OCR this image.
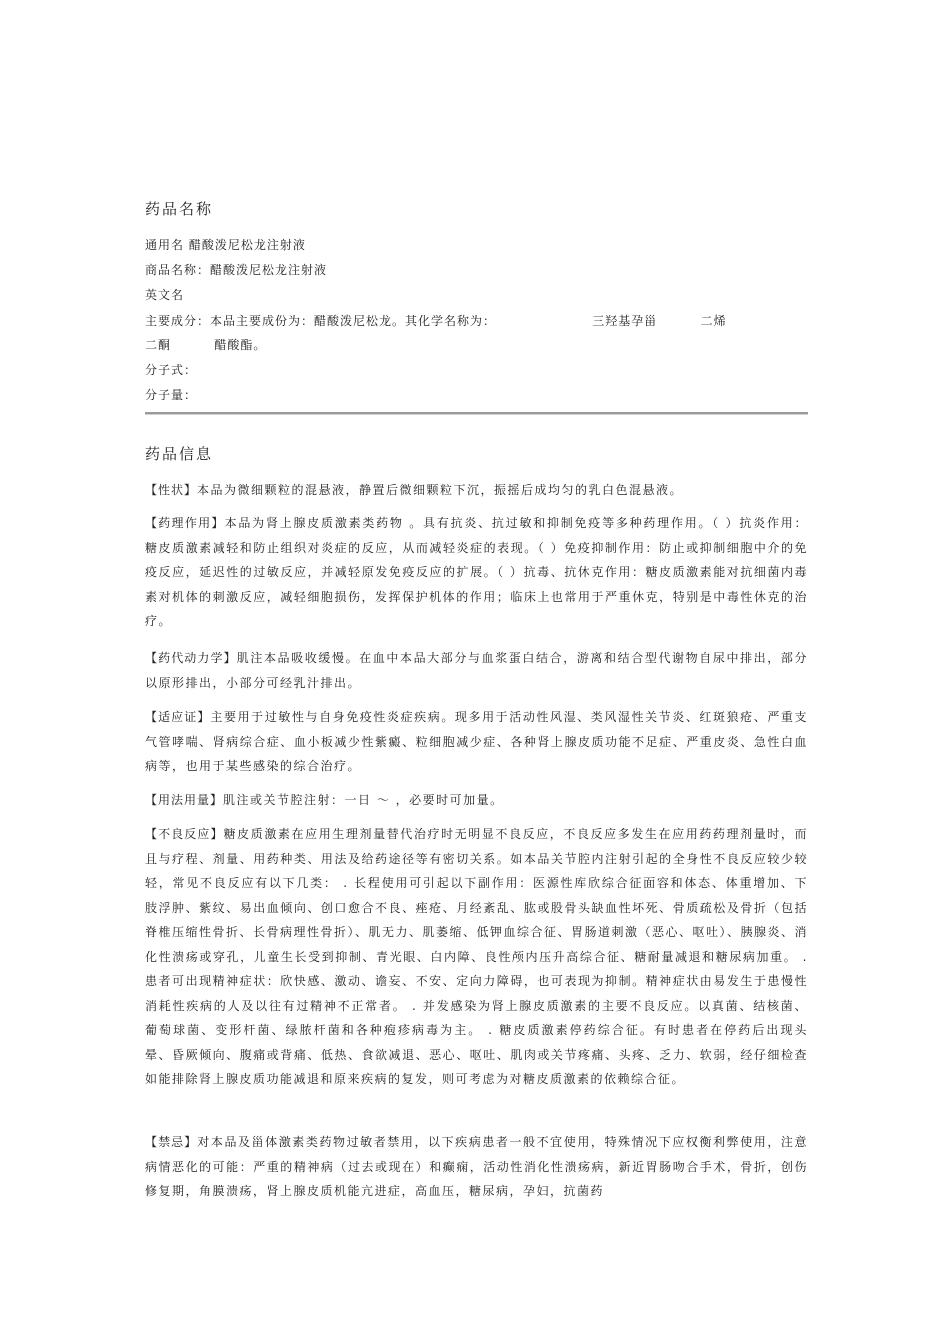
药品名称
通用名 醋酸泼尼松龙注射液
商品名称：醋酸泼尼松龙注射液
英文名
主要成分：本品主要成份为：醋酸泼尼松龙。其化学名称为：                    三羟基孕甾         二烯
二酮         醋酸酯。
分子式：
分子量：
药品信息
【性状】本品为微细颗粒的混悬液，静置后微细颗粒下沉，振摇后成均匀的乳白色混悬液。
【药理作用】本品为肾上腺皮质激素类药物 。具有抗炎、抗过敏和抑制免疫等多种药理作用。（ ）抗炎作用：糖皮质激素减轻和防止组织对炎症的反应，从而减轻炎症的表现。（ ）免疫抑制作用：防止或抑制细胞中介的免疫反应，延迟性的过敏反应，并减轻原发免疫反应的扩展。（ ）抗毒、抗休克作用：糖皮质激素能对抗细菌内毒素对机体的刺激反应，减轻细胞损伤，发挥保护机体的作用；临床上也常用于严重休克，特别是中毒性休克的治疗。
【药代动力学】肌注本品吸收缓慢。在血中本品大部分与血浆蛋白结合，游离和结合型代谢物自尿中排出，部分以原形排出，小部分可经乳汁排出。
【适应证】主要用于过敏性与自身免疫性炎症疾病。现多用于活动性风湿、类风湿性关节炎、红斑狼疮、严重支气管哮喘、肾病综合症、血小板减少性紫癜、粒细胞减少症、各种肾上腺皮质功能不足症、严重皮炎、急性白血病等，也用于某些感染的综合治疗。
【用法用量】肌注或关节腔注射：一日 ～ ，必要时可加量。
【不良反应】糖皮质激素在应用生理剂量替代治疗时无明显不良反应，不良反应多发生在应用药药理剂量时，而且与疗程、剂量、用药种类、用法及给药途径等有密切关系。如本品关节腔内注射引起的全身性不良反应较少较轻，常见不良反应有以下几类： . 长程使用可引起以下副作用：医源性库欣综合征面容和体态、体重增加、下肢浮肿、紫纹、易出血倾向、创口愈合不良、痤疮、月经紊乱、肱或股骨头缺血性坏死、骨质疏松及骨折（包括脊椎压缩性骨折、长骨病理性骨折）、肌无力、肌萎缩、低钾血综合征、胃肠道刺激（恶心、呕吐）、胰腺炎、消化性溃疡或穿孔，儿童生长受到抑制、青光眼、白内障、良性颅内压升高综合征、糖耐量减退和糖尿病加重。 . 患者可出现精神症状：欣快感、激动、谵妄、不安、定向力障碍，也可表现为抑制。精神症状由易发生于患慢性消耗性疾病的人及以往有过精神不正常者。 . 并发感染为肾上腺皮质激素的主要不良反应。以真菌、结核菌、葡萄球菌、变形杆菌、绿脓杆菌和各种疱疹病毒为主。 . 糖皮质激素停药综合征。有时患者在停药后出现头晕、昏厥倾向、腹痛或背痛、低热、食欲减退、恶心、呕吐、肌肉或关节疼痛、头疼、乏力、软弱，经仔细检查如能排除肾上腺皮质功能减退和原来疾病的复发，则可考虑为对糖皮质激素的依赖综合征。
【禁忌】对本品及甾体激素类药物过敏者禁用，以下疾病患者一般不宜使用，特殊情况下应权衡利弊使用，注意病情恶化的可能：严重的精神病（过去或现在）和癫痫，活动性消化性溃疡病，新近胃肠吻合手术，骨折，创伤修复期，角膜溃疡，肾上腺皮质机能亢进症，高血压，糖尿病，孕妇，抗菌药
